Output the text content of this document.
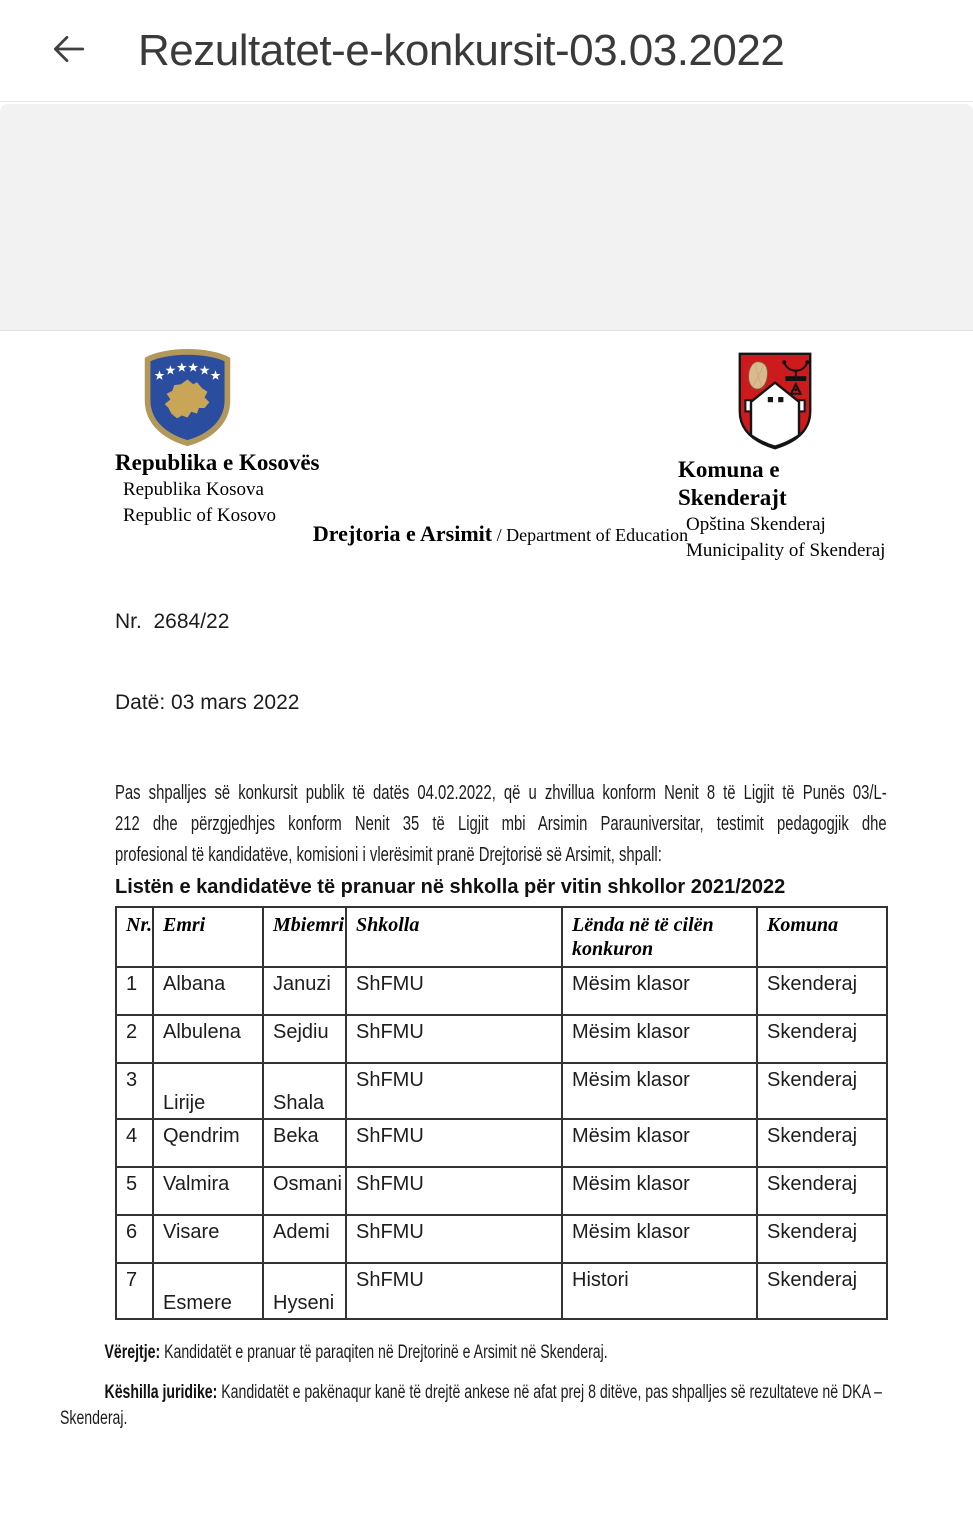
Rezultatet-e-konkursit-03.03.2022
Republika e Kosovës
Republika Kosova
Republic of Kosovo
Komuna e Skenderajt
Opština Skenderaj
Municipality of Skenderaj
Drejtoria e Arsimit / Department of Education

Nr.  2684/22

Datë: 03 mars 2022

Pas shpalljes së konkursit publik të datës 04.02.2022, që u zhvillua konform Nenit 8 të Ligjit të Punës 03/L-
212 dhe përzgjedhjes konform Nenit 35 të Ligjit mbi Arsimin Parauniversitar, testimit pedagogjik dhe
profesional të kandidatëve, komisioni i vlerësimit pranë Drejtorisë së Arsimit, shpall:
Listën e kandidatëve të pranuar në shkolla për vitin shkollor 2021/2022
Nr.	Emri	Mbiemri	Shkolla	Lënda në të cilën konkuron	Komuna
1	Albana	Januzi	ShFMU	Mësim klasor	Skenderaj
2	Albulena	Sejdiu	ShFMU	Mësim klasor	Skenderaj
3	Lirije	Shala	ShFMU	Mësim klasor	Skenderaj
4	Qendrim	Beka	ShFMU	Mësim klasor	Skenderaj
5	Valmira	Osmani	ShFMU	Mësim klasor	Skenderaj
6	Visare	Ademi	ShFMU	Mësim klasor	Skenderaj
7	Esmere	Hyseni	ShFMU	Histori	Skenderaj
Vërejtje: Kandidatët e pranuar të paraqiten në Drejtorinë e Arsimit në Skenderaj.
Këshilla juridike: Kandidatët e pakënaqur kanë të drejtë ankese në afat prej 8 ditëve, pas shpalljes së rezultateve në DKA – Skenderaj.
